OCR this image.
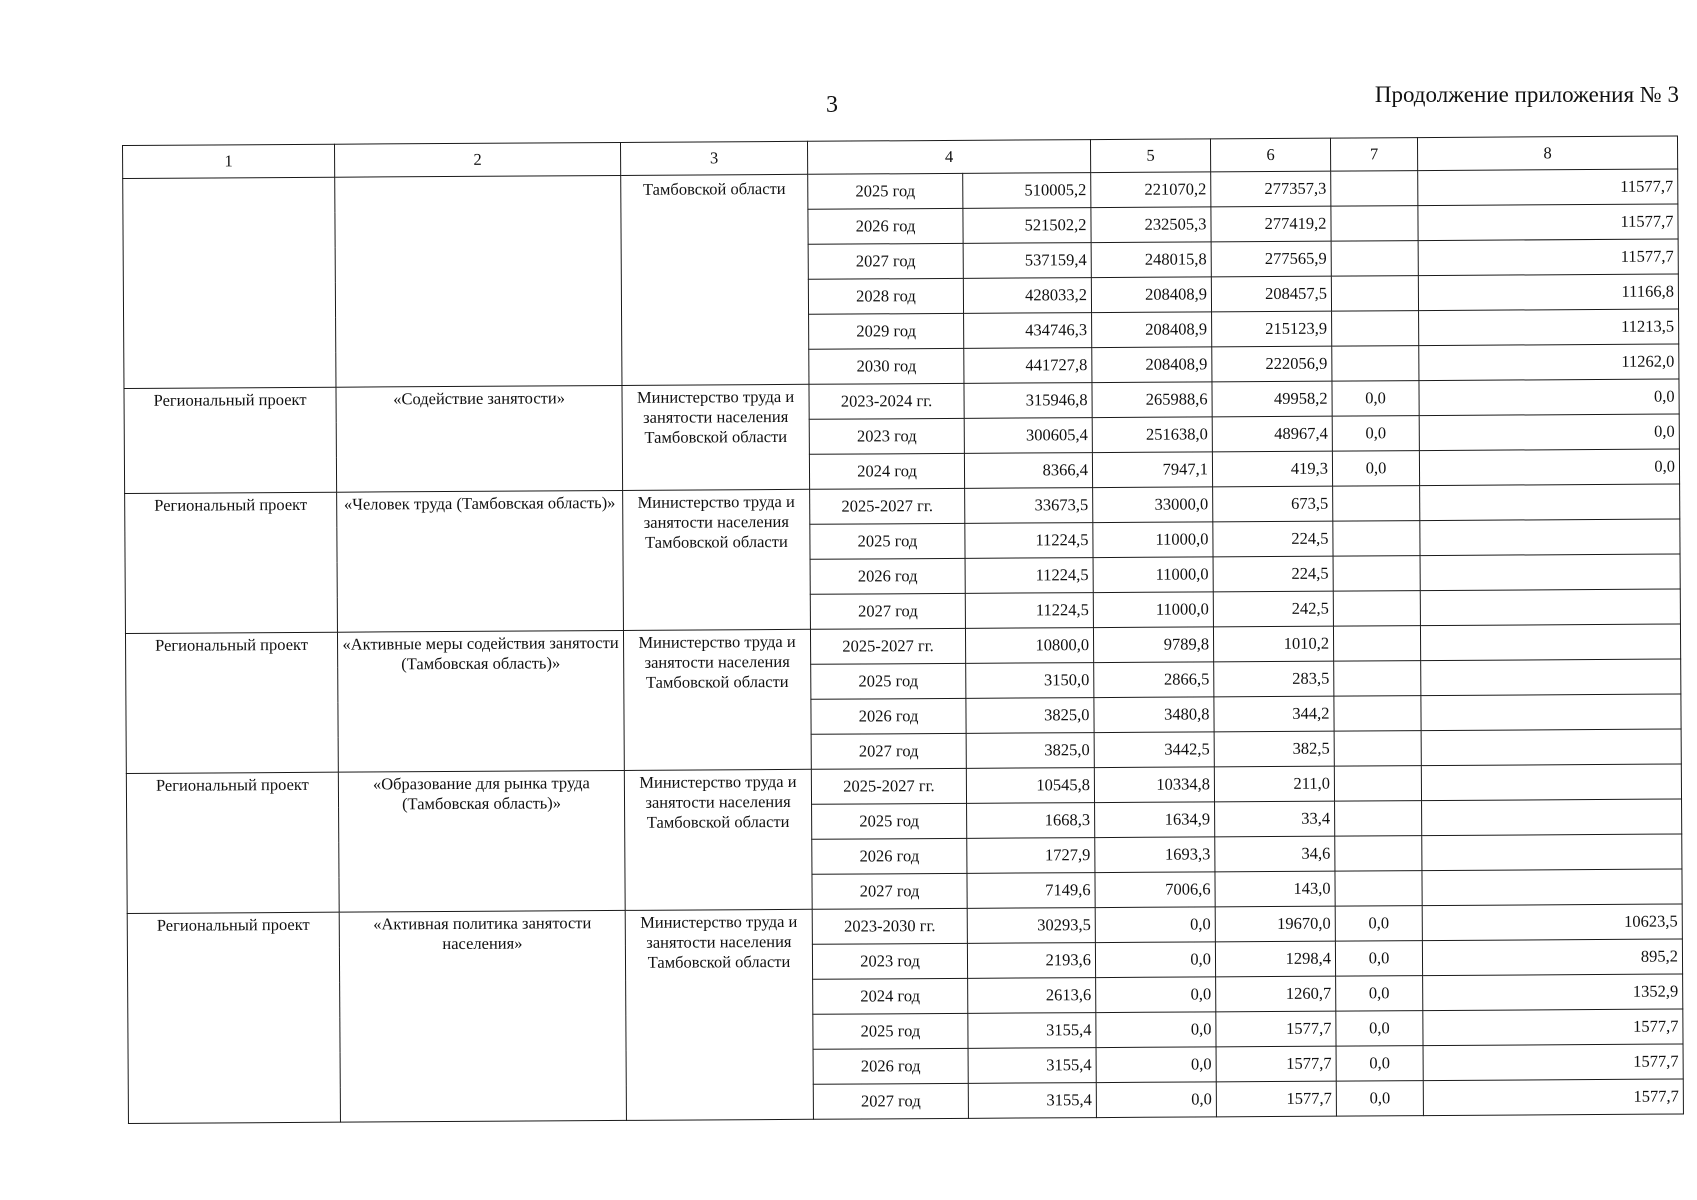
3	Продолжение приложения № 3
1	2	3	4		5	6	7	8
		Тамбовской области	2025 год	510005,2	221070,2	277357,3		11577,7
			2026 год	521502,2	232505,3	277419,2		11577,7
			2027 год	537159,4	248015,8	277565,9		11577,7
			2028 год	428033,2	208408,9	208457,5		11166,8
			2029 год	434746,3	208408,9	215123,9		11213,5
			2030 год	441727,8	208408,9	222056,9		11262,0
Региональный проект	«Содействие занятости»	Министерство труда и занятости населения Тамбовской области	2023-2024 гг.	315946,8	265988,6	49958,2	0,0	0,0
			2023 год	300605,4	251638,0	48967,4	0,0	0,0
			2024 год	8366,4	7947,1	419,3	0,0	0,0
Региональный проект	«Человек труда (Тамбовская область)»	Министерство труда и занятости населения Тамбовской области	2025-2027 гг.	33673,5	33000,0	673,5		
			2025 год	11224,5	11000,0	224,5		
			2026 год	11224,5	11000,0	224,5		
			2027 год	11224,5	11000,0	242,5		
Региональный проект	«Активные меры содействия занятости (Тамбовская область)»	Министерство труда и занятости населения Тамбовской области	2025-2027 гг.	10800,0	9789,8	1010,2		
			2025 год	3150,0	2866,5	283,5		
			2026 год	3825,0	3480,8	344,2		
			2027 год	3825,0	3442,5	382,5		
Региональный проект	«Образование для рынка труда (Тамбовская область)»	Министерство труда и занятости населения Тамбовской области	2025-2027 гг.	10545,8	10334,8	211,0		
			2025 год	1668,3	1634,9	33,4		
			2026 год	1727,9	1693,3	34,6		
			2027 год	7149,6	7006,6	143,0		
Региональный проект	«Активная политика занятости населения»	Министерство труда и занятости населения Тамбовской области	2023-2030 гг.	30293,5	0,0	19670,0	0,0	10623,5
			2023 год	2193,6	0,0	1298,4	0,0	895,2
			2024 год	2613,6	0,0	1260,7	0,0	1352,9
			2025 год	3155,4	0,0	1577,7	0,0	1577,7
			2026 год	3155,4	0,0	1577,7	0,0	1577,7
			2027 год	3155,4	0,0	1577,7	0,0	1577,7
